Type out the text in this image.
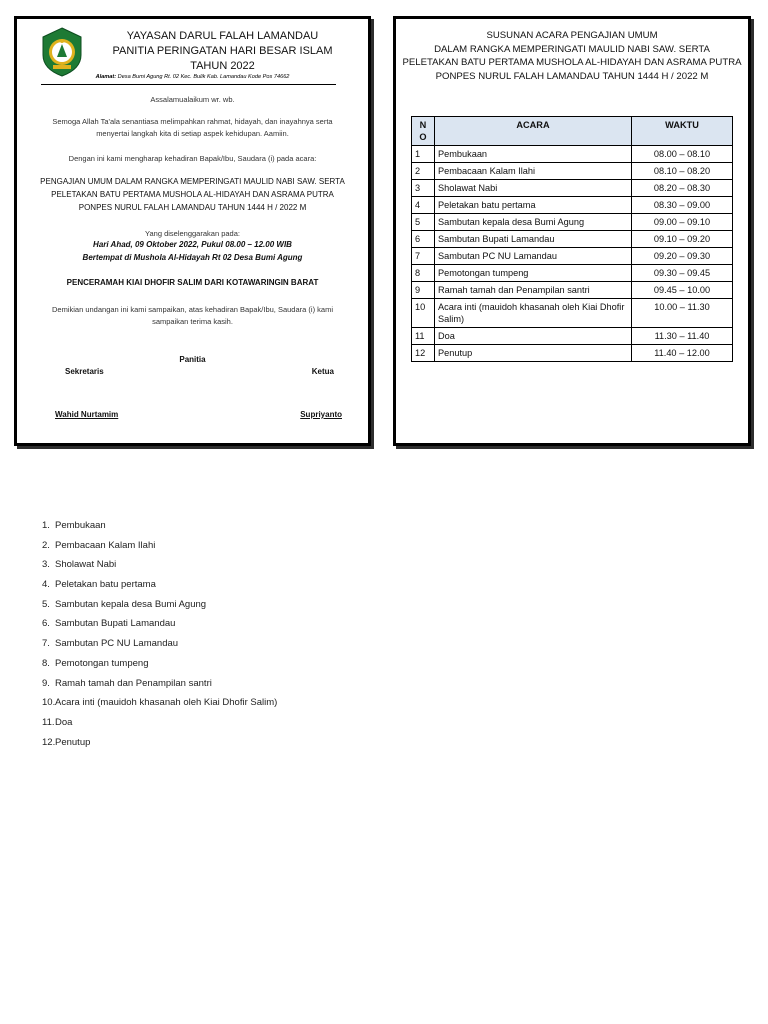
YAYASAN DARUL FALAH LAMANDAU
PANITIA PERINGATAN HARI BESAR ISLAM
TAHUN 2022
Alamat: Desa Bumi Agung Rt. 02 Kec. Bulik Kab. Lamandau Kode Pos 74662
Assalamualaikum wr. wb.
Semoga Allah Ta'ala senantiasa melimpahkan rahmat, hidayah, dan inayahnya serta
menyertai langkah kita di setiap aspek kehidupan. Aamiin.
Dengan ini kami mengharap kehadiran Bapak/Ibu, Saudara (i) pada acara:
PENGAJIAN UMUM DALAM RANGKA MEMPERINGATI MAULID NABI SAW. SERTA
PELETAKAN BATU PERTAMA MUSHOLA AL-HIDAYAH DAN ASRAMA PUTRA
PONPES NURUL FALAH LAMANDAU TAHUN 1444 H / 2022 M
Yang diselenggarakan pada:
Hari Ahad, 09 Oktober 2022, Pukul 08.00 – 12.00 WIB
Bertempat di Mushola Al-Hidayah Rt 02 Desa Bumi Agung
PENCERAMAH KIAI DHOFIR SALIM DARI KOTAWARINGIN BARAT
Demikian undangan ini kami sampaikan, atas kehadiran Bapak/Ibu, Saudara (i) kami
sampaikan terima kasih.
Panitia
Sekretaris	Ketua
Wahid Nurtamim	Supriyanto
SUSUNAN ACARA PENGAJIAN UMUM
DALAM RANGKA MEMPERINGATI MAULID NABI SAW. SERTA
PELETAKAN BATU PERTAMA MUSHOLA AL-HIDAYAH DAN ASRAMA PUTRA
PONPES NURUL FALAH LAMANDAU TAHUN 1444 H / 2022 M
N
O	ACARA	WAKTU
1	Pembukaan	08.00 – 08.10
2	Pembacaan Kalam Ilahi	08.10 – 08.20
3	Sholawat Nabi	08.20 – 08.30
4	Peletakan batu pertama	08.30 – 09.00
5	Sambutan kepala desa Bumi Agung	09.00 – 09.10
6	Sambutan Bupati Lamandau	09.10 – 09.20
7	Sambutan PC NU Lamandau	09.20 – 09.30
8	Pemotongan tumpeng	09.30 – 09.45
9	Ramah tamah dan Penampilan santri	09.45 – 10.00
10	Acara inti (mauidoh khasanah oleh Kiai Dhofir Salim)	10.00 – 11.30
11	Doa	11.30 – 11.40
12	Penutup	11.40 – 12.00
1. Pembukaan
2. Pembacaan Kalam Ilahi
3. Sholawat Nabi
4. Peletakan batu pertama
5. Sambutan kepala desa Bumi Agung
6. Sambutan Bupati Lamandau
7. Sambutan PC NU Lamandau
8. Pemotongan tumpeng
9. Ramah tamah dan Penampilan santri
10. Acara inti (mauidoh khasanah oleh Kiai Dhofir Salim)
11. Doa
12. Penutup
